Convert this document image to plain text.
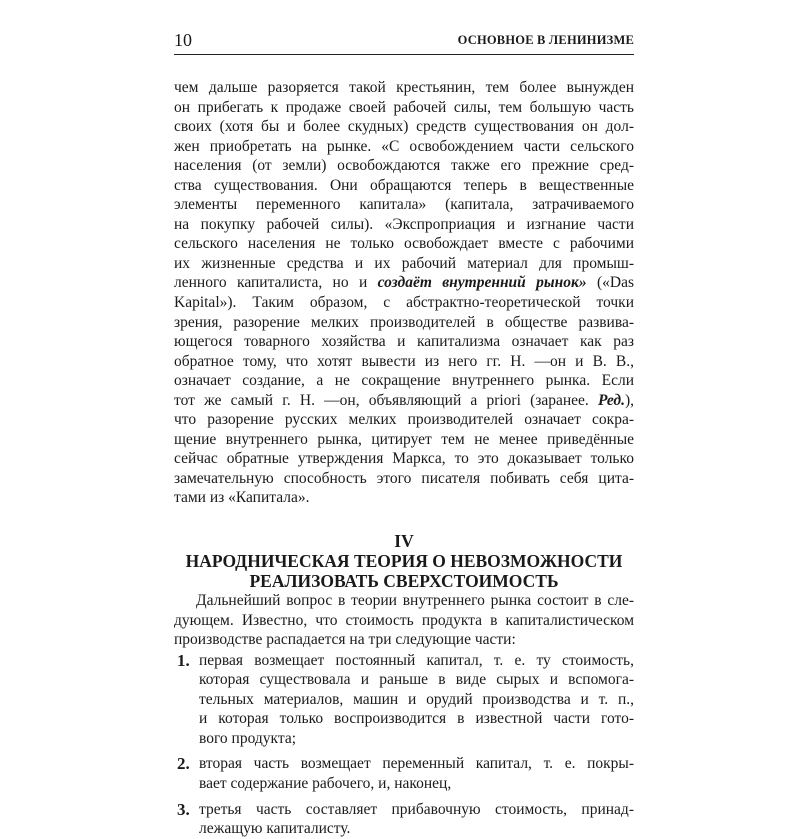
10	ОСНОВНОЕ В ЛЕНИНИЗМЕ
чем дальше разоряется такой крестьянин, тем более вынужден
он прибегать к продаже своей рабочей силы, тем большую часть
своих (хотя бы и более скудных) средств существования он дол-
жен приобретать на рынке. «С освобождением части сельского
населения (от земли) освобождаются также его прежние сред-
ства существования. Они обращаются теперь в вещественные
элементы переменного капитала» (капитала, затрачиваемого
на покупку рабочей силы). «Экспроприация и изгнание части
сельского населения не только освобождает вместе с рабочими
их жизненные средства и их рабочий материал для промыш-
ленного капиталиста, но и создаёт внутренний рынок» («Das
Kapital»). Таким образом, с абстрактно-теоретической точки
зрения, разорение мелких производителей в обществе развива-
ющегося товарного хозяйства и капитализма означает как раз
обратное тому, что хотят вывести из него гг. Н. —он и В. В.,
означает создание, а не сокращение внутреннего рынка. Если
тот же самый г. Н. —он, объявляющий a priori (заранее. Ред.),
что разорение русских мелких производителей означает сокра-
щение внутреннего рынка, цитирует тем не менее приведённые
сейчас обратные утверждения Маркса, то это доказывает только
замечательную способность этого писателя побивать себя цита-
тами из «Капитала».
IV
НАРОДНИЧЕСКАЯ ТЕОРИЯ О НЕВОЗМОЖНОСТИ
РЕАЛИЗОВАТЬ СВЕРХСТОИМОСТЬ
Дальнейший вопрос в теории внутреннего рынка состоит в сле-
дующем. Известно, что стоимость продукта в капиталистическом
производстве распадается на три следующие части:
1. первая возмещает постоянный капитал, т. е. ту стоимость,
которая существовала и раньше в виде сырых и вспомога-
тельных материалов, машин и орудий производства и т. п.,
и которая только воспроизводится в известной части гото-
вого продукта;
2. вторая часть возмещает переменный капитал, т. е. покры-
вает содержание рабочего, и, наконец,
3. третья часть составляет прибавочную стоимость, принад-
лежащую капиталисту.
